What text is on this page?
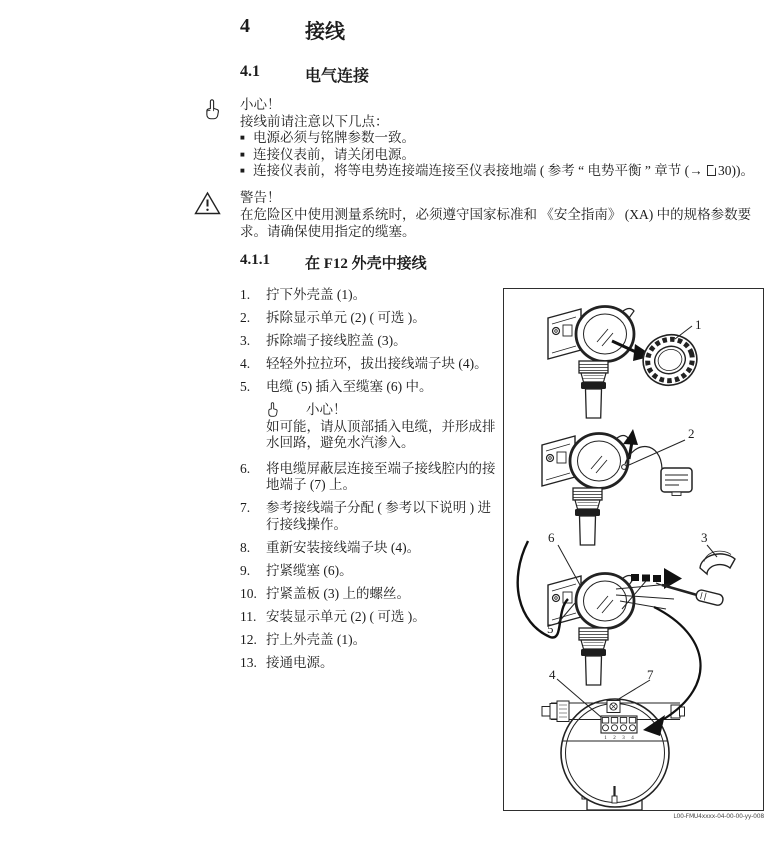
4	接线
4.1	电气连接
小心！
接线前请注意以下几点：
■ 电源必须与铭牌参数一致。
■ 连接仪表前，请关闭电源。
■ 连接仪表前，将等电势连接端连接至仪表接地端 ( 参考 “ 电势平衡 ” 章节 (→ 30))。
警告！
在危险区中使用测量系统时，必须遵守国家标准和 《安全指南》 (XA) 中的规格参数要求。请确保使用指定的缆塞。
4.1.1	在 F12 外壳中接线
1.	拧下外壳盖 (1)。
2.	拆除显示单元 (2) ( 可选 )。
3.	拆除端子接线腔盖 (3)。
4.	轻轻外拉拉环，拔出接线端子块 (4)。
5.	电缆 (5) 插入至缆塞 (6) 中。
小心！
如可能，请从顶部插入电缆，并形成排水回路，避免水汽渗入。
6.	将电缆屏蔽层连接至端子接线腔内的接地端子 (7) 上。
7.	参考接线端子分配 ( 参考以下说明 ) 进行接线操作。
8.	重新安装接线端子块 (4)。
9.	拧紧缆塞 (6)。
10. 拧紧盖板 (3) 上的螺丝。
11. 安装显示单元 (2) ( 可选 )。
12. 拧上外壳盖 (1)。
13. 接通电源。
1
2
6
5
3
1 2 3 4
4	7
L00-FMU4xxxx-04-00-00-yy-008
